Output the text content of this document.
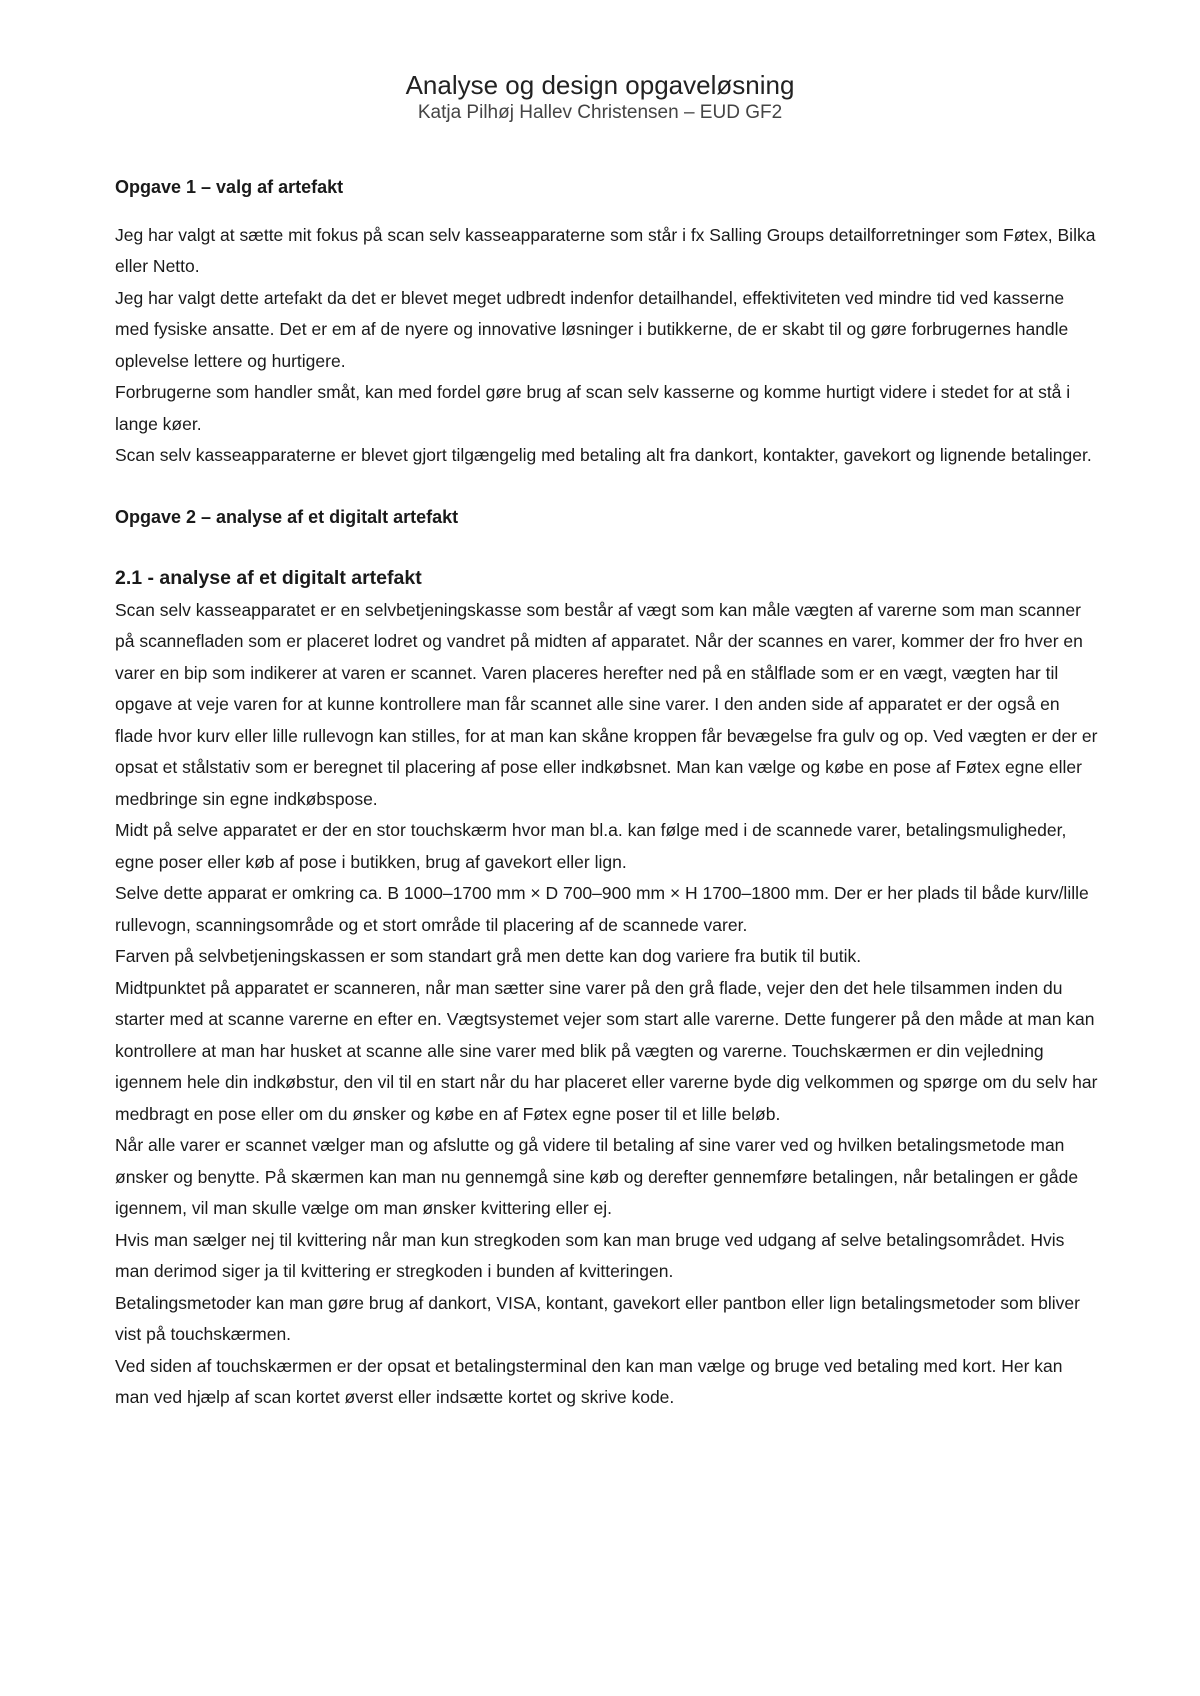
Analyse og design opgaveløsning
Katja Pilhøj Hallev Christensen – EUD GF2

Opgave 1 – valg af artefakt

Jeg har valgt at sætte mit fokus på scan selv kasseapparaterne som står i fx Salling Groups detailforretninger som Føtex, Bilka eller Netto.

Jeg har valgt dette artefakt da det er blevet meget udbredt indenfor detailhandel, effektiviteten ved mindre tid ved kasserne med fysiske ansatte. Det er em af de nyere og innovative løsninger i butikkerne, de er skabt til og gøre forbrugernes handle oplevelse lettere og hurtigere.

Forbrugerne som handler småt, kan med fordel gøre brug af scan selv kasserne og komme hurtigt videre i stedet for at stå i lange køer.

Scan selv kasseapparaterne er blevet gjort tilgængelig med betaling alt fra dankort, kontakter, gavekort og lignende betalinger.

Opgave 2 – analyse af et digitalt artefakt

2.1 - analyse af et digitalt artefakt

Scan selv kasseapparatet er en selvbetjeningskasse som består af vægt som kan måle vægten af varerne som man scanner på scannefladen som er placeret lodret og vandret på midten af apparatet. Når der scannes en varer, kommer der fro hver en varer en bip som indikerer at varen er scannet. Varen placeres herefter ned på en stålflade som er en vægt, vægten har til opgave at veje varen for at kunne kontrollere man får scannet alle sine varer. I den anden side af apparatet er der også en flade hvor kurv eller lille rullevogn kan stilles, for at man kan skåne kroppen får bevægelse fra gulv og op. Ved vægten er der er opsat et stålstativ som er beregnet til placering af pose eller indkøbsnet. Man kan vælge og købe en pose af Føtex egne eller medbringe sin egne indkøbspose.

Midt på selve apparatet er der en stor touchskærm hvor man bl.a. kan følge med i de scannede varer, betalingsmuligheder, egne poser eller køb af pose i butikken, brug af gavekort eller lign.

Selve dette apparat er omkring ca. B 1000–1700 mm × D 700–900 mm × H 1700–1800 mm. Der er her plads til både kurv/lille rullevogn, scanningsområde og et stort område til placering af de scannede varer.

Farven på selvbetjeningskassen er som standart grå men dette kan dog variere fra butik til butik.

Midtpunktet på apparatet er scanneren, når man sætter sine varer på den grå flade, vejer den det hele tilsammen inden du starter med at scanne varerne en efter en. Vægtsystemet vejer som start alle varerne. Dette fungerer på den måde at man kan kontrollere at man har husket at scanne alle sine varer med blik på vægten og varerne. Touchskærmen er din vejledning igennem hele din indkøbstur, den vil til en start når du har placeret eller varerne byde dig velkommen og spørge om du selv har medbragt en pose eller om du ønsker og købe en af Føtex egne poser til et lille beløb.

Når alle varer er scannet vælger man og afslutte og gå videre til betaling af sine varer ved og hvilken betalingsmetode man ønsker og benytte. På skærmen kan man nu gennemgå sine køb og derefter gennemføre betalingen, når betalingen er gåde igennem, vil man skulle vælge om man ønsker kvittering eller ej.

Hvis man sælger nej til kvittering når man kun stregkoden som kan man bruge ved udgang af selve betalingsområdet. Hvis man derimod siger ja til kvittering er stregkoden i bunden af kvitteringen.

Betalingsmetoder kan man gøre brug af dankort, VISA, kontant, gavekort eller pantbon eller lign betalingsmetoder som bliver vist på touchskærmen.

Ved siden af touchskærmen er der opsat et betalingsterminal den kan man vælge og bruge ved betaling med kort. Her kan man ved hjælp af scan kortet øverst eller indsætte kortet og skrive kode.
